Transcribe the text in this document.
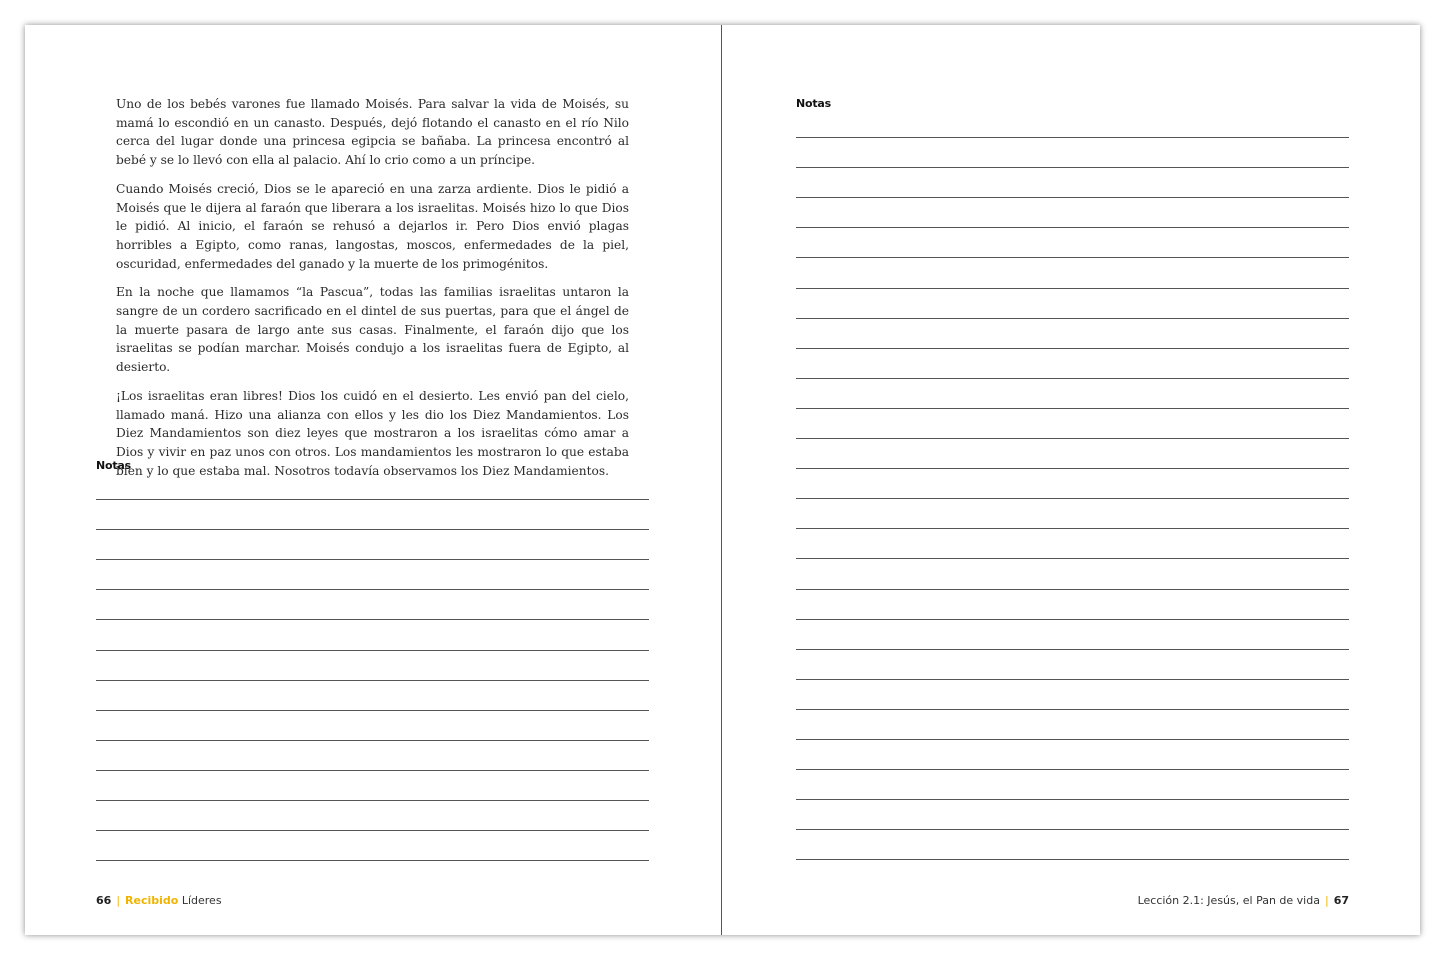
Uno de los bebés varones fue llamado Moisés. Para salvar la vida de Moisés, su mamá lo escondió en un canasto. Después, dejó flotando el canasto en el río Nilo cerca del lugar donde una princesa egipcia se bañaba. La princesa encontró al bebé y se lo llevó con ella al palacio. Ahí lo crio como a un príncipe.

Cuando Moisés creció, Dios se le apareció en una zarza ardiente. Dios le pidió a Moisés que le dijera al faraón que liberara a los israelitas. Moisés hizo lo que Dios le pidió. Al inicio, el faraón se rehusó a dejarlos ir. Pero Dios envió plagas horribles a Egipto, como ranas, langostas, moscos, enfermedades de la piel, oscuridad, enfermedades del ganado y la muerte de los primogénitos.

En la noche que llamamos “la Pascua”, todas las familias israelitas untaron la sangre de un cordero sacrificado en el dintel de sus puertas, para que el ángel de la muerte pasara de largo ante sus casas. Finalmente, el faraón dijo que los israelitas se podían marchar. Moisés condujo a los israelitas fuera de Egipto, al desierto.

¡Los israelitas eran libres! Dios los cuidó en el desierto. Les envió pan del cielo, llamado maná. Hizo una alianza con ellos y les dio los Diez Mandamientos. Los Diez Mandamientos son diez leyes que mostraron a los israelitas cómo amar a Dios y vivir en paz unos con otros. Los mandamientos les mostraron lo que estaba bien y lo que estaba mal. Nosotros todavía observamos los Diez Mandamientos.

Notas
66 | Recibido Líderes
Notas
Lección 2.1: Jesús, el Pan de vida | 67
